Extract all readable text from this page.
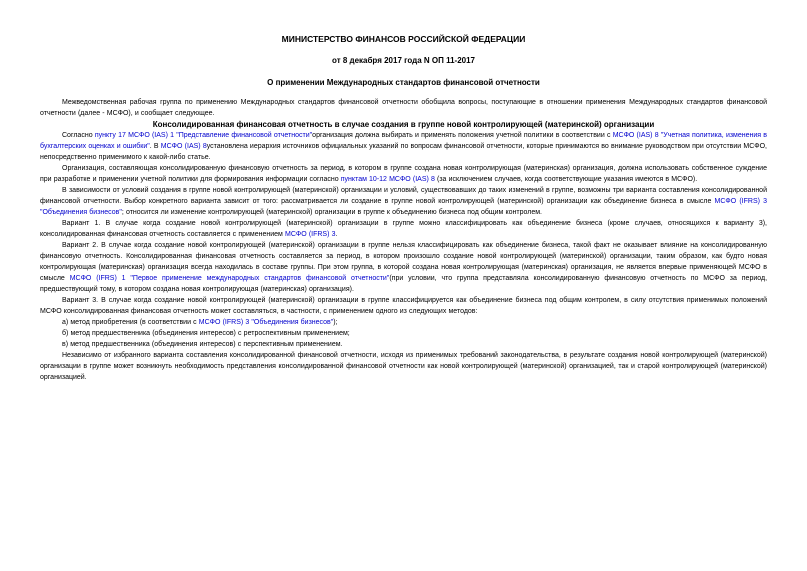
МИНИСТЕРСТВО ФИНАНСОВ РОССИЙСКОЙ ФЕДЕРАЦИИ
от 8 декабря 2017 года N ОП 11-2017
О применении Международных стандартов финансовой отчетности

Межведомственная рабочая группа по применению Международных стандартов финансовой отчетности обобщила вопросы, поступающие в отношении применения Международных стандартов финансовой отчетности (далее - МСФО), и сообщает следующее.

Консолидированная финансовая отчетность в случае создания в группе новой контролирующей (материнской) организации

Согласно пункту 17 МСФО (IAS) 1 "Представление финансовой отчетности"организация должна выбирать и применять положения учетной политики в соответствии с МСФО (IAS) 8 "Учетная политика, изменения в бухгалтерских оценках и ошибки". В МСФО (IAS) 8установлена иерархия источников официальных указаний по вопросам финансовой отчетности, которые принимаются во внимание руководством при отсутствии МСФО, непосредственно применимого к какой-либо статье.

Организация, составляющая консолидированную финансовую отчетность за период, в котором в группе создана новая контролирующая (материнская) организация, должна использовать собственное суждение при разработке и применении учетной политики для формирования информации согласно пунктам 10-12 МСФО (IAS) 8 (за исключением случаев, когда соответствующие указания имеются в МСФО).

В зависимости от условий создания в группе новой контролирующей (материнской) организации и условий, существовавших до таких изменений в группе, возможны три варианта составления консолидированной финансовой отчетности. Выбор конкретного варианта зависит от того: рассматривается ли создание в группе новой контролирующей (материнской) организации как объединение бизнеса в смысле МСФО (IFRS) 3 "Объединения бизнесов"; относится ли изменение контролирующей (материнской) организации в группе к объединению бизнеса под общим контролем.

Вариант 1. В случае когда создание новой контролирующей (материнской) организации в группе можно классифицировать как объединение бизнеса (кроме случаев, относящихся к варианту 3), консолидированная финансовая отчетность составляется с применением МСФО (IFRS) 3.

Вариант 2. В случае когда создание новой контролирующей (материнской) организации в группе нельзя классифицировать как объединение бизнеса, такой факт не оказывает влияние на консолидированную финансовую отчетность. Консолидированная финансовая отчетность составляется за период, в котором произошло создание новой контролирующей (материнской) организации, таким образом, как будто новая контролирующая (материнская) организация всегда находилась в составе группы. При этом группа, в которой создана новая контролирующая (материнская) организация, не является впервые применяющей МСФО в смысле МСФО (IFRS) 1 "Первое применение международных стандартов финансовой отчетности"(при условии, что группа представляла консолидированную финансовую отчетность по МСФО за период, предшествующий тому, в котором создана новая контролирующая (материнская) организация).

Вариант 3. В случае когда создание новой контролирующей (материнской) организации в группе классифицируется как объединение бизнеса под общим контролем, в силу отсутствия применимых положений МСФО консолидированная финансовая отчетность может составляться, в частности, с применением одного из следующих методов:

а) метод приобретения (в соответствии с МСФО (IFRS) 3 "Объединения бизнесов");

б) метод предшественника (объединения интересов) с ретроспективным применением;

в) метод предшественника (объединения интересов) с перспективным применением.

Независимо от избранного варианта составления консолидированной финансовой отчетности, исходя из применимых требований законодательства, в результате создания новой контролирующей (материнской) организации в группе может возникнуть необходимость представления консолидированной финансовой отчетности как новой контролирующей (материнской) организацией, так и старой контролирующей (материнской) организацией.
